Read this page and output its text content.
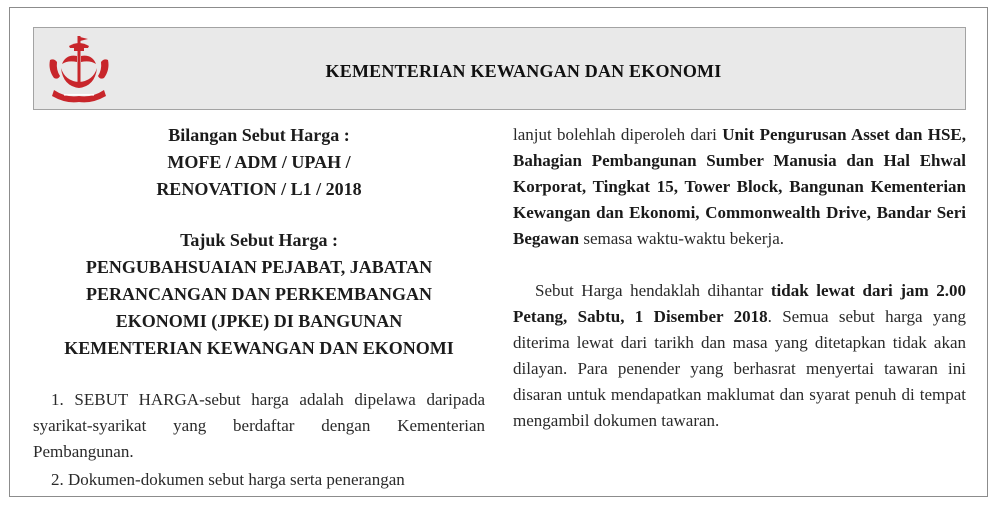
KEMENTERIAN KEWANGAN DAN EKONOMI
Bilangan Sebut Harga :
MOFE / ADM / UPAH /
RENOVATION / L1 / 2018
Tajuk Sebut Harga :
PENGUBAHSUAIAN PEJABAT, JABATAN
PERANCANGAN DAN PERKEMBANGAN
EKONOMI (JPKE) DI BANGUNAN
KEMENTERIAN KEWANGAN DAN EKONOMI
1. SEBUT HARGA-sebut harga adalah dipelawa daripada syarikat-syarikat yang berdaftar dengan Kementerian Pembangunan.
2. Dokumen-dokumen sebut harga serta penerangan
lanjut bolehlah diperoleh dari Unit Pengurusan Asset dan HSE, Bahagian Pembangunan Sumber Manusia dan Hal Ehwal Korporat, Tingkat 15, Tower Block, Bangunan Kementerian Kewangan dan Ekonomi, Commonwealth Drive, Bandar Seri Begawan semasa waktu-waktu bekerja.
Sebut Harga hendaklah dihantar tidak lewat dari jam 2.00 Petang, Sabtu, 1 Disember 2018. Semua sebut harga yang diterima lewat dari tarikh dan masa yang ditetapkan tidak akan dilayan. Para penender yang berhasrat menyertai tawaran ini disaran untuk mendapatkan maklumat dan syarat penuh di tempat mengambil dokumen tawaran.
